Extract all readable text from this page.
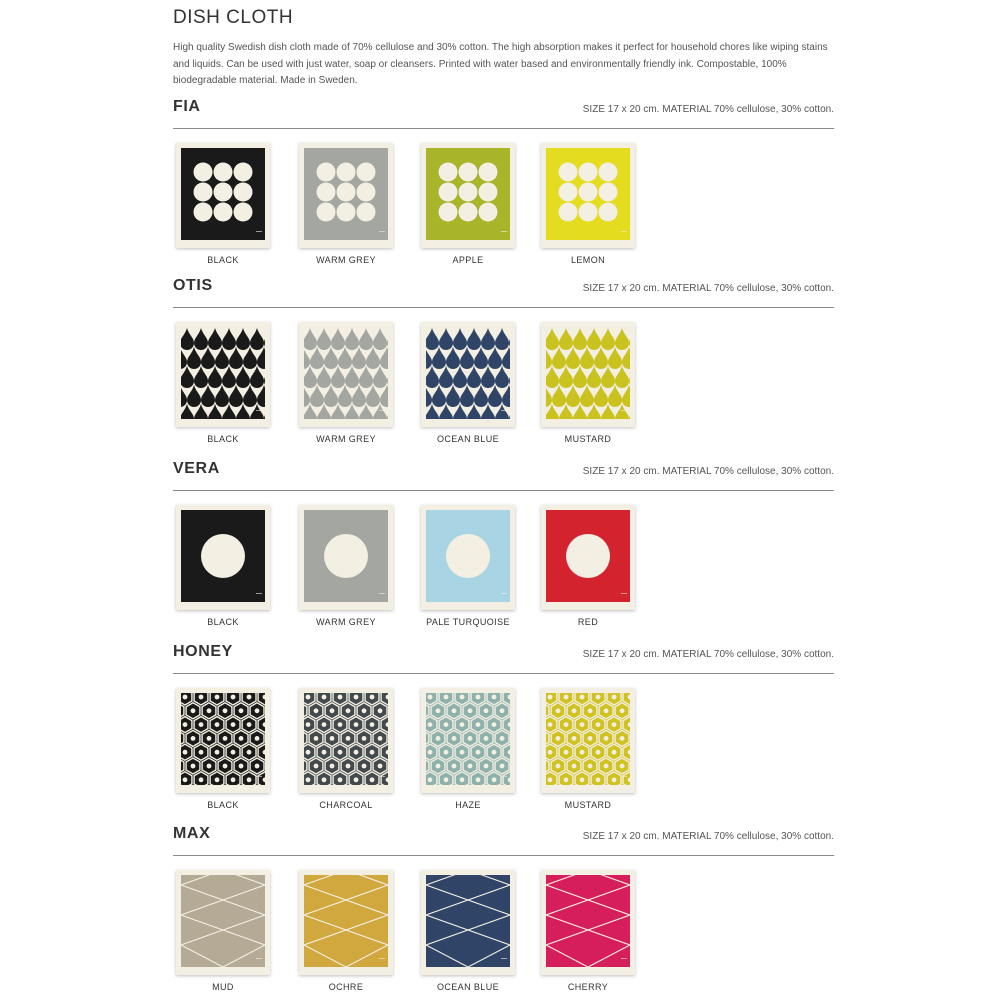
DISH CLOTH

High quality Swedish dish cloth made of 70% cellulose and 30% cotton. The high absorption makes it perfect for household chores like wiping stains and liquids. Can be used with just water, soap or cleansers. Printed with water based and environmentally friendly ink. Compostable, 100% biodegradable material. Made in Sweden.

FIA	SIZE 17 x 20 cm. MATERIAL 70% cellulose, 30% cotton.
BLACK	WARM GREY	APPLE	LEMON
OTIS	SIZE 17 x 20 cm. MATERIAL 70% cellulose, 30% cotton.
BLACK	WARM GREY	OCEAN BLUE	MUSTARD
VERA	SIZE 17 x 20 cm. MATERIAL 70% cellulose, 30% cotton.
BLACK	WARM GREY	PALE TURQUOISE	RED
HONEY	SIZE 17 x 20 cm. MATERIAL 70% cellulose, 30% cotton.
BLACK	CHARCOAL	HAZE	MUSTARD
MAX	SIZE 17 x 20 cm. MATERIAL 70% cellulose, 30% cotton.
MUD	OCHRE	OCEAN BLUE	CHERRY
